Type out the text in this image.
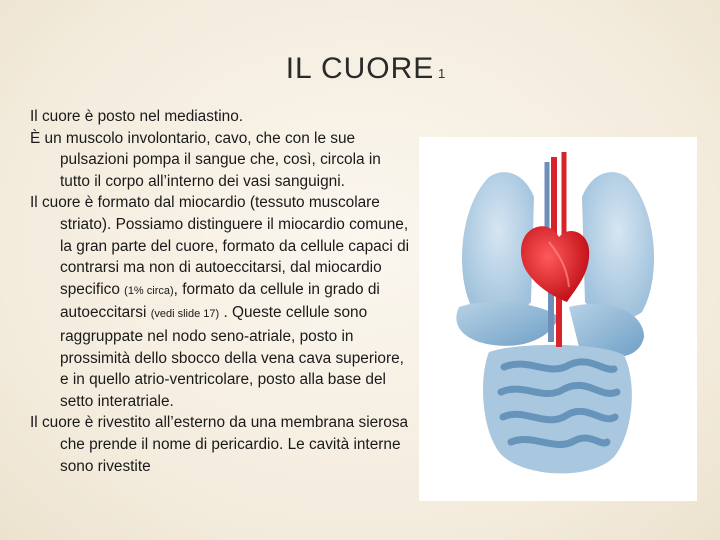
IL CUORE 1

Il cuore è posto nel mediastino.

È un muscolo involontario, cavo, che con le sue pulsazioni pompa il sangue che, così, circola in tutto il corpo all’interno dei vasi sanguigni.

Il cuore è formato dal miocardio (tessuto muscolare striato). Possiamo distinguere il miocardio comune, la gran parte del cuore, formato da cellule capaci di contrarsi ma non di autoeccitarsi, dal miocardio specifico (1% circa), formato da cellule in grado di autoeccitarsi (vedi slide 17) . Queste cellule sono raggruppate nel nodo seno-atriale, posto in prossimità dello sbocco della vena cava superiore, e in quello atrio-ventricolare, posto alla base del setto interatriale.

Il cuore è rivestito all’esterno da una membrana sierosa che prende il nome di pericardio. Le cavità interne sono rivestite
